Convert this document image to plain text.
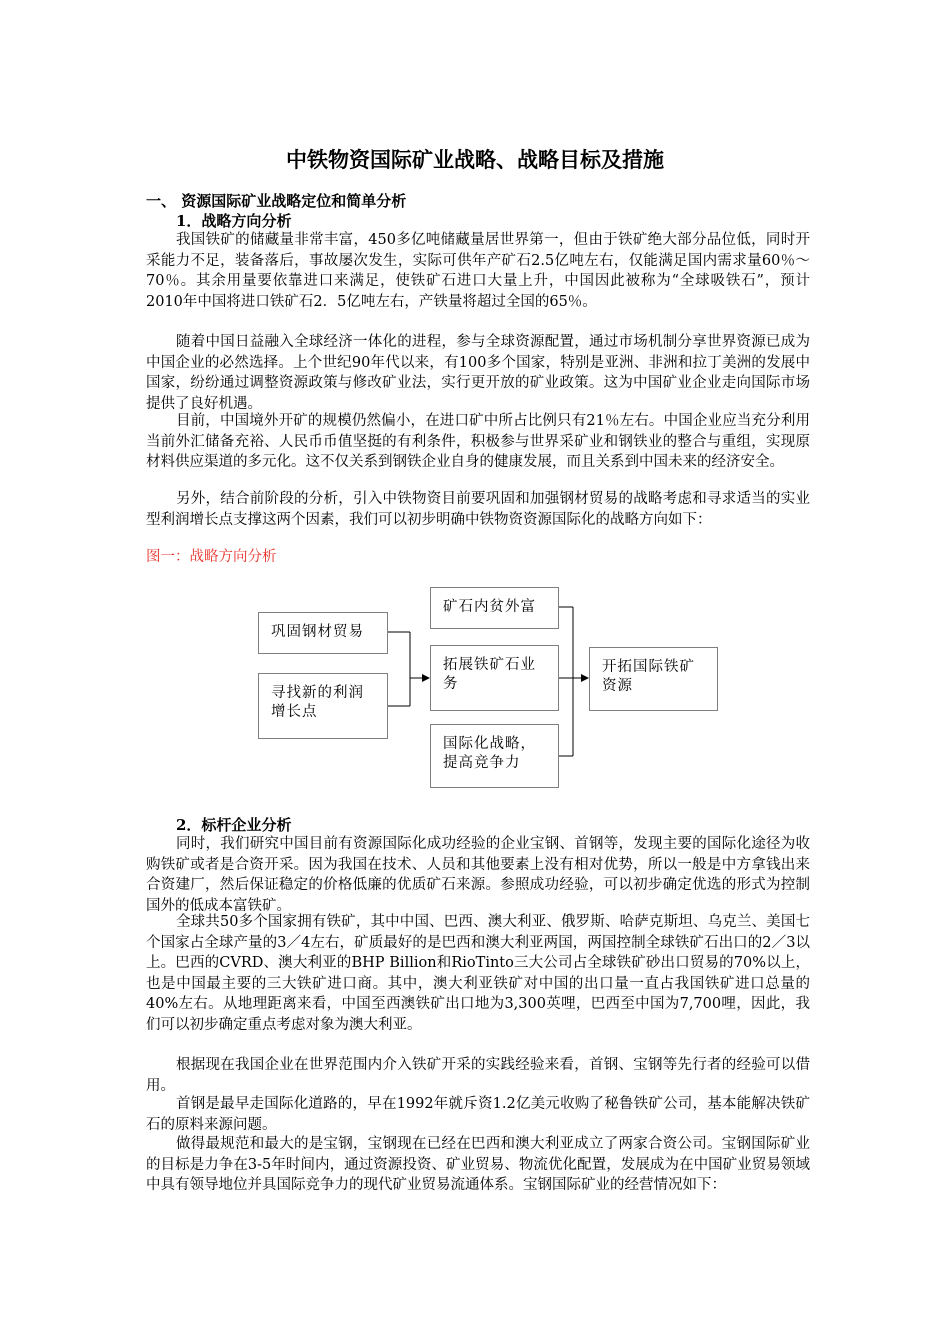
中铁物资国际矿业战略、战略目标及措施
一、 资源国际矿业战略定位和简单分析
1．战略方向分析

我国铁矿的储藏量非常丰富，450多亿吨储藏量居世界第一，但由于铁矿绝大部分品位低，同时开采能力不足，装备落后，事故屡次发生，实际可供年产矿石2.5亿吨左右，仅能满足国内需求量60％～70％。其余用量要依靠进口来满足，使铁矿石进口大量上升，中国因此被称为“全球吸铁石”，预计2010年中国将进口铁矿石2．5亿吨左右，产铁量将超过全国的65％。

随着中国日益融入全球经济一体化的进程，参与全球资源配置，通过市场机制分享世界资源已成为中国企业的必然选择。上个世纪90年代以来，有100多个国家，特别是亚洲、非洲和拉丁美洲的发展中国家，纷纷通过调整资源政策与修改矿业法，实行更开放的矿业政策。这为中国矿业企业走向国际市场提供了良好机遇。

目前，中国境外开矿的规模仍然偏小，在进口矿中所占比例只有21％左右。中国企业应当充分利用当前外汇储备充裕、人民币币值坚挺的有利条件，积极参与世界采矿业和钢铁业的整合与重组，实现原材料供应渠道的多元化。这不仅关系到钢铁企业自身的健康发展，而且关系到中国未来的经济安全。

另外，结合前阶段的分析，引入中铁物资目前要巩固和加强钢材贸易的战略考虑和寻求适当的实业型利润增长点支撑这两个因素，我们可以初步明确中铁物资资源国际化的战略方向如下：

图一：战略方向分析
巩固钢材贸易
寻找新的利润增长点
矿石内贫外富
拓展铁矿石业务
国际化战略，提高竞争力
开拓国际铁矿资源
2．标杆企业分析

同时，我们研究中国目前有资源国际化成功经验的企业宝钢、首钢等，发现主要的国际化途径为收购铁矿或者是合资开采。因为我国在技术、人员和其他要素上没有相对优势，所以一般是中方拿钱出来合资建厂，然后保证稳定的价格低廉的优质矿石来源。参照成功经验，可以初步确定优选的形式为控制国外的低成本富铁矿。

全球共50多个国家拥有铁矿，其中中国、巴西、澳大利亚、俄罗斯、哈萨克斯坦、乌克兰、美国七个国家占全球产量的3／4左右，矿质最好的是巴西和澳大利亚两国，两国控制全球铁矿石出口的2／3以上。巴西的CVRD、澳大利亚的BHP Billion和RioTinto三大公司占全球铁矿砂出口贸易的70%以上，也是中国最主要的三大铁矿进口商。其中，澳大利亚铁矿对中国的出口量一直占我国铁矿进口总量的40%左右。从地理距离来看，中国至西澳铁矿出口地为3,300英哩，巴西至中国为7,700哩，因此，我们可以初步确定重点考虑对象为澳大利亚。

根据现在我国企业在世界范围内介入铁矿开采的实践经验来看，首钢、宝钢等先行者的经验可以借用。

首钢是最早走国际化道路的，早在1992年就斥资1.2亿美元收购了秘鲁铁矿公司，基本能解决铁矿石的原料来源问题。

做得最规范和最大的是宝钢，宝钢现在已经在巴西和澳大利亚成立了两家合资公司。宝钢国际矿业的目标是力争在3-5年时间内，通过资源投资、矿业贸易、物流优化配置，发展成为在中国矿业贸易领域中具有领导地位并具国际竞争力的现代矿业贸易流通体系。宝钢国际矿业的经营情况如下：
